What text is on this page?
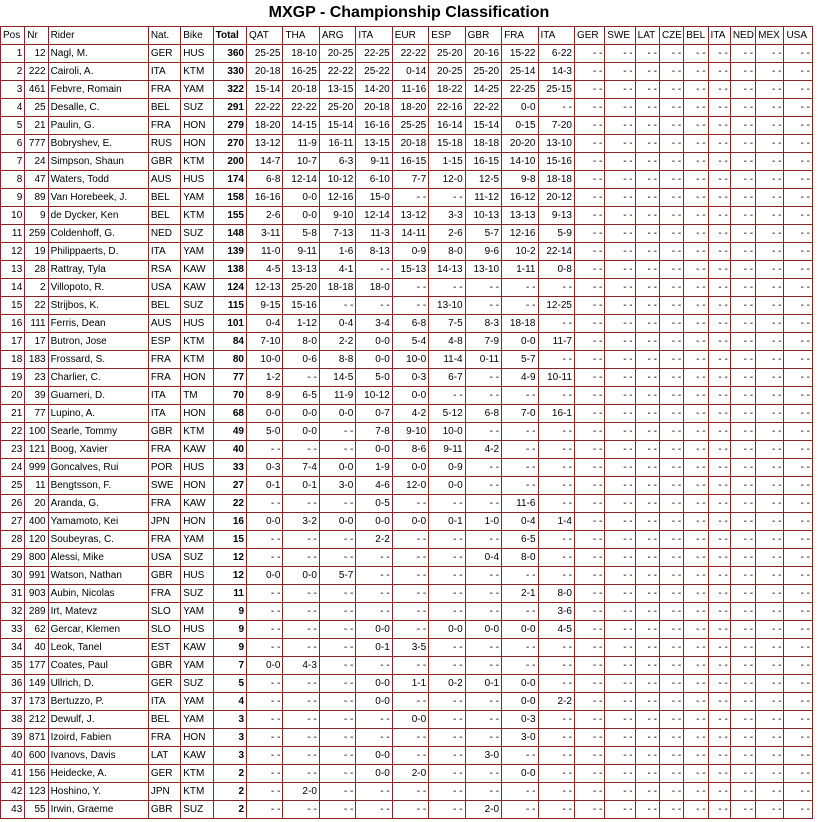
MXGP - Championship Classification
Pos	Nr	Rider	Nat.	Bike	Total	QAT	THA	ARG	ITA	EUR	ESP	GBR	FRA	ITA	GER	SWE	LAT	CZE	BEL	ITA	NED	MEX	USA
1	12	Nagl, M.	GER	HUS	360	25-25	18-10	20-25	22-25	22-22	25-20	20-16	15-22	6-22	- -	- -	- -	- -	- -	- -	- -	- -	- -
2	222	Cairoli, A.	ITA	KTM	330	20-18	16-25	22-22	25-22	0-14	20-25	25-20	25-14	14-3	- -	- -	- -	- -	- -	- -	- -	- -	- -
3	461	Febvre, Romain	FRA	YAM	322	15-14	20-18	13-15	14-20	11-16	18-22	14-25	22-25	25-15	- -	- -	- -	- -	- -	- -	- -	- -	- -
4	25	Desalle, C.	BEL	SUZ	291	22-22	22-22	25-20	20-18	18-20	22-16	22-22	0-0	- -	- -	- -	- -	- -	- -	- -	- -	- -	- -
5	21	Paulin, G.	FRA	HON	279	18-20	14-15	15-14	16-16	25-25	16-14	15-14	0-15	7-20	- -	- -	- -	- -	- -	- -	- -	- -	- -
6	777	Bobryshev, E.	RUS	HON	270	13-12	11-9	16-11	13-15	20-18	15-18	18-18	20-20	13-10	- -	- -	- -	- -	- -	- -	- -	- -	- -
7	24	Simpson, Shaun	GBR	KTM	200	14-7	10-7	6-3	9-11	16-15	1-15	16-15	14-10	15-16	- -	- -	- -	- -	- -	- -	- -	- -	- -
8	47	Waters, Todd	AUS	HUS	174	6-8	12-14	10-12	6-10	7-7	12-0	12-5	9-8	18-18	- -	- -	- -	- -	- -	- -	- -	- -	- -
9	89	Van Horebeek, J.	BEL	YAM	158	16-16	0-0	12-16	15-0	- -	- -	11-12	16-12	20-12	- -	- -	- -	- -	- -	- -	- -	- -	- -
10	9	de Dycker, Ken	BEL	KTM	155	2-6	0-0	9-10	12-14	13-12	3-3	10-13	13-13	9-13	- -	- -	- -	- -	- -	- -	- -	- -	- -
11	259	Coldenhoff, G.	NED	SUZ	148	3-11	5-8	7-13	11-3	14-11	2-6	5-7	12-16	5-9	- -	- -	- -	- -	- -	- -	- -	- -	- -
12	19	Philippaerts, D.	ITA	YAM	139	11-0	9-11	1-6	8-13	0-9	8-0	9-6	10-2	22-14	- -	- -	- -	- -	- -	- -	- -	- -	- -
13	28	Rattray, Tyla	RSA	KAW	138	4-5	13-13	4-1	- -	15-13	14-13	13-10	1-11	0-8	- -	- -	- -	- -	- -	- -	- -	- -	- -
14	2	Villopoto, R.	USA	KAW	124	12-13	25-20	18-18	18-0	- -	- -	- -	- -	- -	- -	- -	- -	- -	- -	- -	- -	- -	- -
15	22	Strijbos, K.	BEL	SUZ	115	9-15	15-16	- -	- -	- -	13-10	- -	- -	12-25	- -	- -	- -	- -	- -	- -	- -	- -	- -
16	111	Ferris, Dean	AUS	HUS	101	0-4	1-12	0-4	3-4	6-8	7-5	8-3	18-18	- -	- -	- -	- -	- -	- -	- -	- -	- -	- -
17	17	Butron, Jose	ESP	KTM	84	7-10	8-0	2-2	0-0	5-4	4-8	7-9	0-0	11-7	- -	- -	- -	- -	- -	- -	- -	- -	- -
18	183	Frossard, S.	FRA	KTM	80	10-0	0-6	8-8	0-0	10-0	11-4	0-11	5-7	- -	- -	- -	- -	- -	- -	- -	- -	- -	- -
19	23	Charlier, C.	FRA	HON	77	1-2	- -	14-5	5-0	0-3	6-7	- -	4-9	10-11	- -	- -	- -	- -	- -	- -	- -	- -	- -
20	39	Guarneri, D.	ITA	TM	70	8-9	6-5	11-9	10-12	0-0	- -	- -	- -	- -	- -	- -	- -	- -	- -	- -	- -	- -	- -
21	77	Lupino, A.	ITA	HON	68	0-0	0-0	0-0	0-7	4-2	5-12	6-8	7-0	16-1	- -	- -	- -	- -	- -	- -	- -	- -	- -
22	100	Searle, Tommy	GBR	KTM	49	5-0	0-0	- -	7-8	9-10	10-0	- -	- -	- -	- -	- -	- -	- -	- -	- -	- -	- -	- -
23	121	Boog, Xavier	FRA	KAW	40	- -	- -	- -	0-0	8-6	9-11	4-2	- -	- -	- -	- -	- -	- -	- -	- -	- -	- -	- -
24	999	Goncalves, Rui	POR	HUS	33	0-3	7-4	0-0	1-9	0-0	0-9	- -	- -	- -	- -	- -	- -	- -	- -	- -	- -	- -	- -
25	11	Bengtsson, F.	SWE	HON	27	0-1	0-1	3-0	4-6	12-0	0-0	- -	- -	- -	- -	- -	- -	- -	- -	- -	- -	- -	- -
26	20	Aranda, G.	FRA	KAW	22	- -	- -	- -	0-5	- -	- -	- -	11-6	- -	- -	- -	- -	- -	- -	- -	- -	- -	- -
27	400	Yamamoto, Kei	JPN	HON	16	0-0	3-2	0-0	0-0	0-0	0-1	1-0	0-4	1-4	- -	- -	- -	- -	- -	- -	- -	- -	- -
28	120	Soubeyras, C.	FRA	YAM	15	- -	- -	- -	2-2	- -	- -	- -	6-5	- -	- -	- -	- -	- -	- -	- -	- -	- -	- -
29	800	Alessi, Mike	USA	SUZ	12	- -	- -	- -	- -	- -	- -	0-4	8-0	- -	- -	- -	- -	- -	- -	- -	- -	- -	- -
30	991	Watson, Nathan	GBR	HUS	12	0-0	0-0	5-7	- -	- -	- -	- -	- -	- -	- -	- -	- -	- -	- -	- -	- -	- -	- -
31	903	Aubin, Nicolas	FRA	SUZ	11	- -	- -	- -	- -	- -	- -	- -	2-1	8-0	- -	- -	- -	- -	- -	- -	- -	- -	- -
32	289	Irt, Matevz	SLO	YAM	9	- -	- -	- -	- -	- -	- -	- -	- -	3-6	- -	- -	- -	- -	- -	- -	- -	- -	- -
33	62	Gercar, Klemen	SLO	HUS	9	- -	- -	- -	0-0	- -	0-0	0-0	0-0	4-5	- -	- -	- -	- -	- -	- -	- -	- -	- -
34	40	Leok, Tanel	EST	KAW	9	- -	- -	- -	0-1	3-5	- -	- -	- -	- -	- -	- -	- -	- -	- -	- -	- -	- -	- -
35	177	Coates, Paul	GBR	YAM	7	0-0	4-3	- -	- -	- -	- -	- -	- -	- -	- -	- -	- -	- -	- -	- -	- -	- -	- -
36	149	Ullrich, D.	GER	SUZ	5	- -	- -	- -	0-0	1-1	0-2	0-1	0-0	- -	- -	- -	- -	- -	- -	- -	- -	- -	- -
37	173	Bertuzzo, P.	ITA	YAM	4	- -	- -	- -	0-0	- -	- -	- -	0-0	2-2	- -	- -	- -	- -	- -	- -	- -	- -	- -
38	212	Dewulf, J.	BEL	YAM	3	- -	- -	- -	- -	0-0	- -	- -	0-3	- -	- -	- -	- -	- -	- -	- -	- -	- -	- -
39	871	Izoird, Fabien	FRA	HON	3	- -	- -	- -	- -	- -	- -	- -	3-0	- -	- -	- -	- -	- -	- -	- -	- -	- -	- -
40	600	Ivanovs, Davis	LAT	KAW	3	- -	- -	- -	0-0	- -	- -	3-0	- -	- -	- -	- -	- -	- -	- -	- -	- -	- -	- -
41	156	Heidecke, A.	GER	KTM	2	- -	- -	- -	0-0	2-0	- -	- -	0-0	- -	- -	- -	- -	- -	- -	- -	- -	- -	- -
42	123	Hoshino, Y.	JPN	KTM	2	- -	2-0	- -	- -	- -	- -	- -	- -	- -	- -	- -	- -	- -	- -	- -	- -	- -	- -
43	55	Irwin, Graeme	GBR	SUZ	2	- -	- -	- -	- -	- -	- -	2-0	- -	- -	- -	- -	- -	- -	- -	- -	- -	- -	- -
